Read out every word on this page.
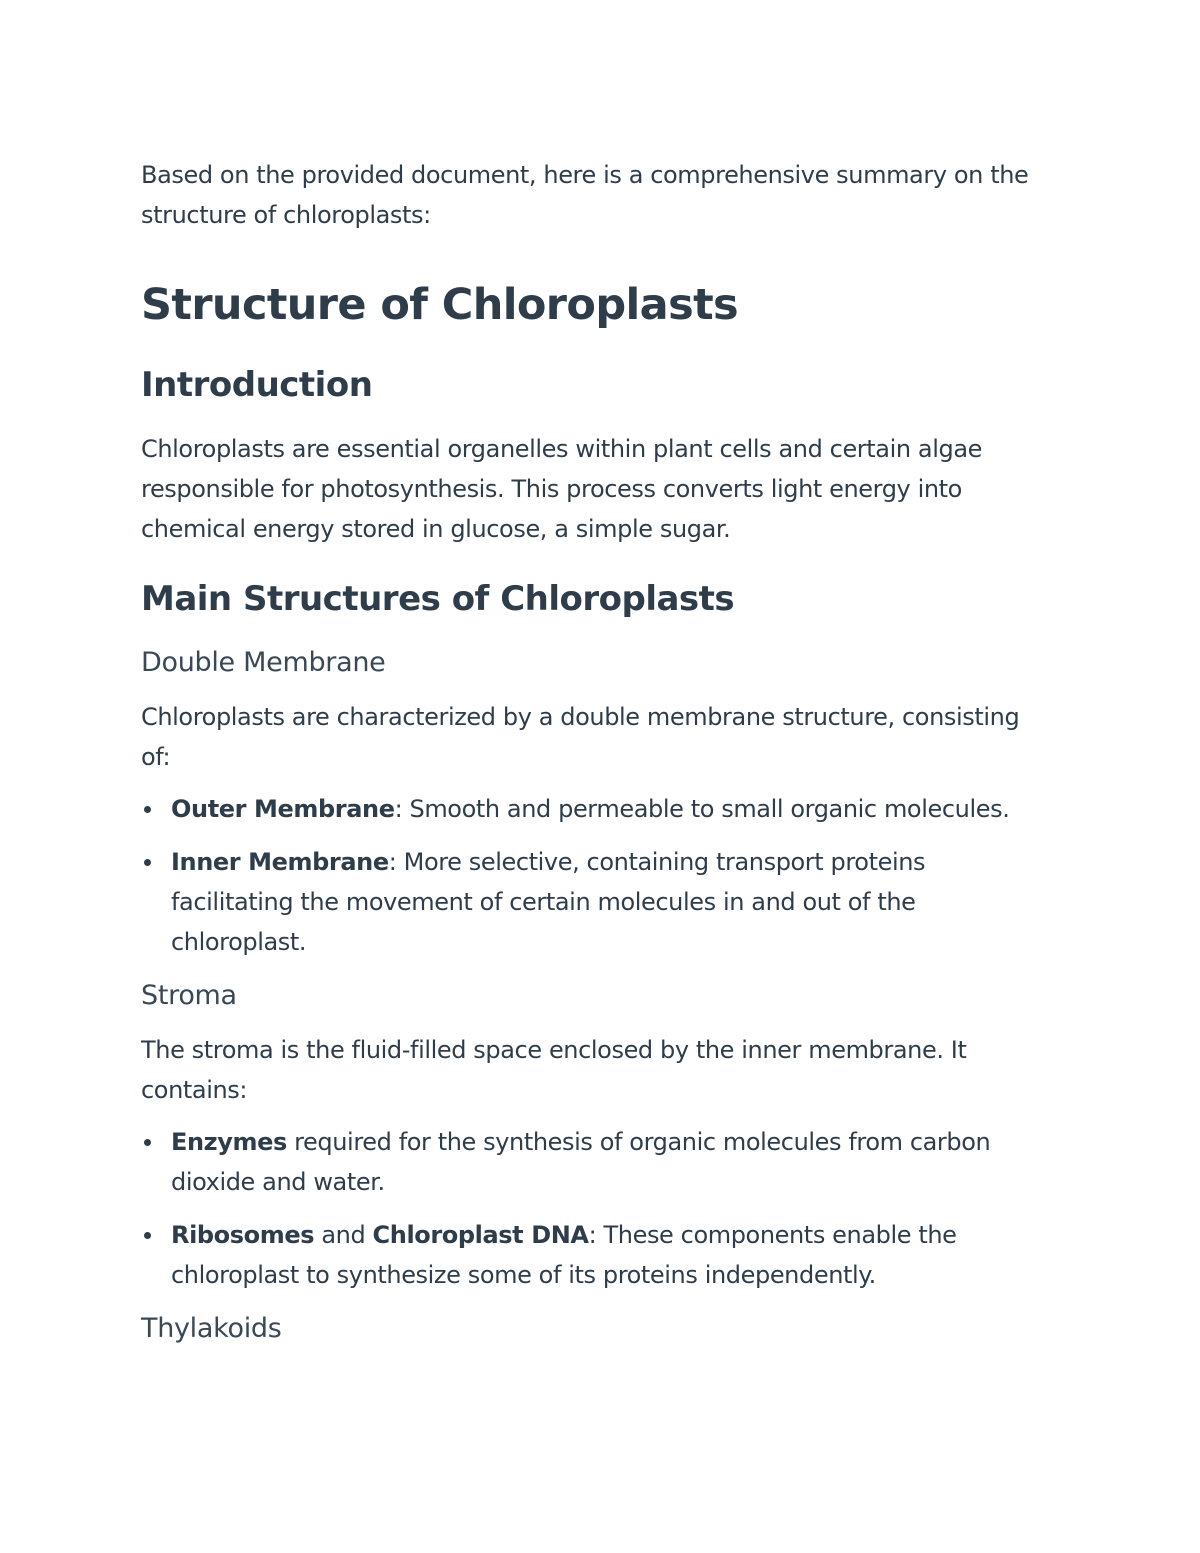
Based on the provided document, here is a comprehensive summary on the structure of chloroplasts:

Structure of Chloroplasts
Introduction

Chloroplasts are essential organelles within plant cells and certain algae responsible for photosynthesis. This process converts light energy into chemical energy stored in glucose, a simple sugar.

Main Structures of Chloroplasts
Double Membrane

Chloroplasts are characterized by a double membrane structure, consisting of:

Outer Membrane: Smooth and permeable to small organic molecules.
Inner Membrane: More selective, containing transport proteins facilitating the movement of certain molecules in and out of the chloroplast.
Stroma

The stroma is the fluid-filled space enclosed by the inner membrane. It contains:

Enzymes required for the synthesis of organic molecules from carbon dioxide and water.
Ribosomes and Chloroplast DNA: These components enable the chloroplast to synthesize some of its proteins independently.
Thylakoids
